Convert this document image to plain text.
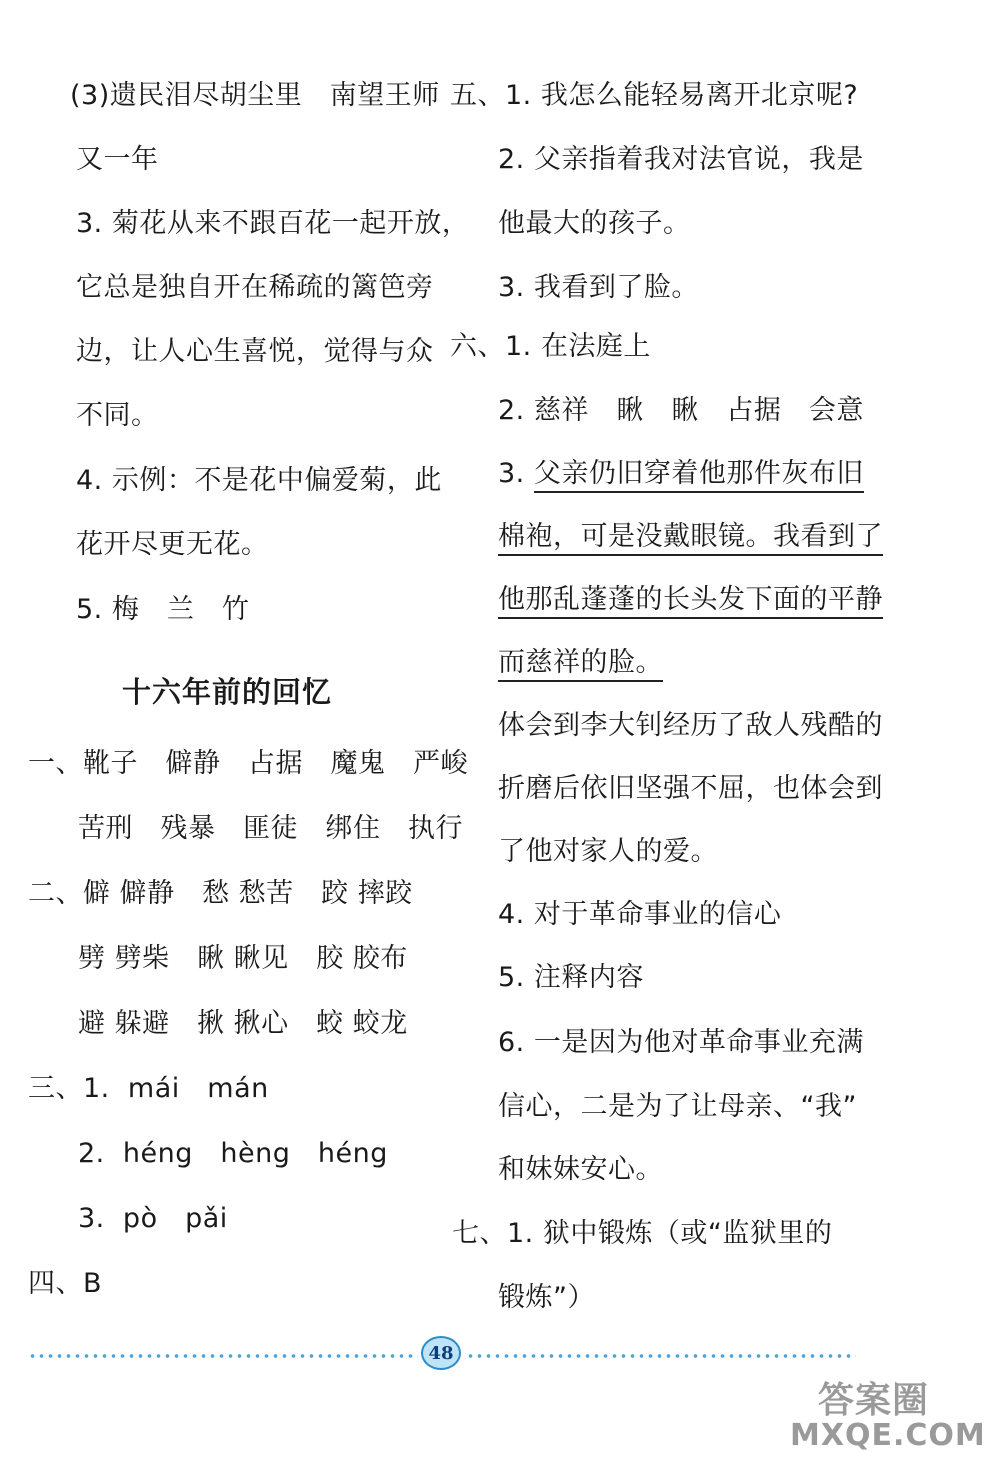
(3)遗民泪尽胡尘里　南望王师
又一年
3. 菊花从来不跟百花一起开放，
它总是独自开在稀疏的篱笆旁
边，让人心生喜悦，觉得与众
不同。
4. 示例：不是花中偏爱菊，此
花开尽更无花。
5. 梅　兰　竹
十六年前的回忆
一、靴子　僻静　占据　魔鬼　严峻
苦刑　残暴　匪徒　绑住　执行
二、僻 僻静　愁 愁苦　跤 摔跤
劈 劈柴　瞅 瞅见　胶 胶布
避 躲避　揪 揪心　蛟 蛟龙
三、1.  mái　mán
2.  héng　hèng　héng
3.  pò　pǎi
四、B
五、1. 我怎么能轻易离开北京呢?
2. 父亲指着我对法官说，我是
他最大的孩子。
3. 我看到了脸。
六、1. 在法庭上
2. 慈祥　瞅　瞅　占据　会意
3. 父亲仍旧穿着他那件灰布旧
棉袍，可是没戴眼镜。我看到了
他那乱蓬蓬的长头发下面的平静
而慈祥的脸。
体会到李大钊经历了敌人残酷的
折磨后依旧坚强不屈，也体会到
了他对家人的爱。
4. 对于革命事业的信心
5. 注释内容
6. 一是因为他对革命事业充满
信心，二是为了让母亲、“我”
和妹妹安心。
七、1. 狱中锻炼（或“监狱里的
锻炼”）
48
答案圈
MXQE.COM
